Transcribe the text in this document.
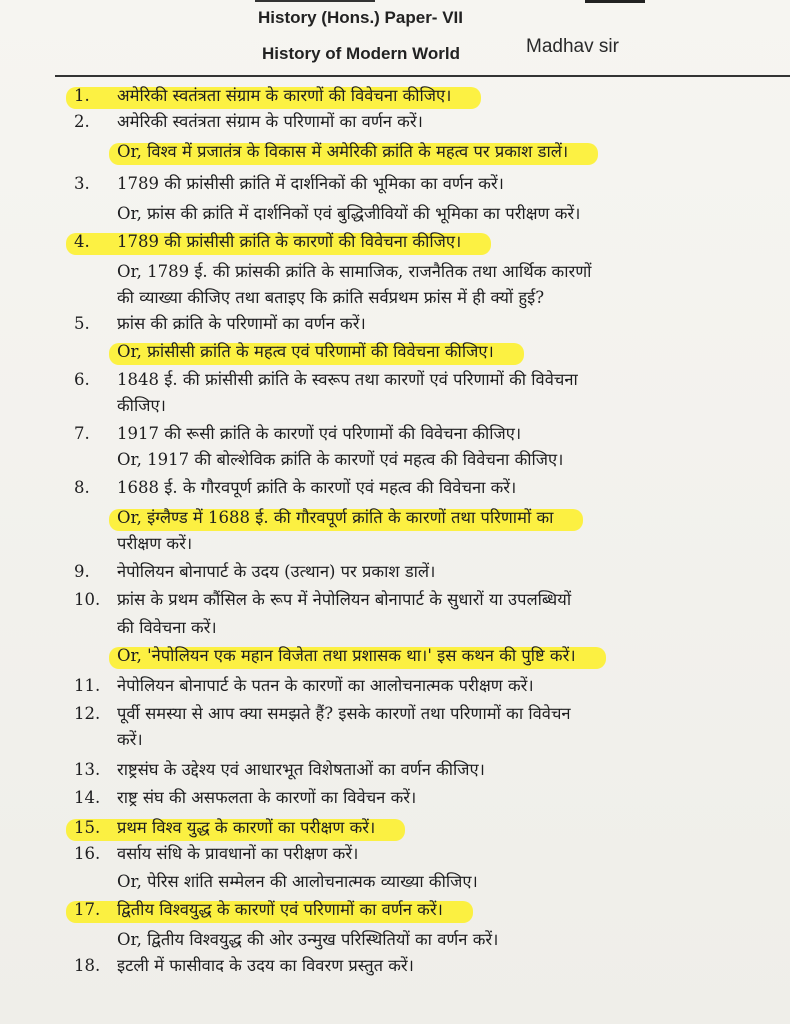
History (Hons.) Paper- VII
History of Modern World	Madhav sir
1.	अमेरिकी स्वतंत्रता संग्राम के कारणों की विवेचना कीजिए।
2.	अमेरिकी स्वतंत्रता संग्राम के परिणामों का वर्णन करें।
Or, विश्व में प्रजातंत्र के विकास में अमेरिकी क्रांति के महत्व पर प्रकाश डालें।
3.	1789 की फ्रांसीसी क्रांति में दार्शनिकों की भूमिका का वर्णन करें।
Or, फ्रांस की क्रांति में दार्शनिकों एवं बुद्धिजीवियों की भूमिका का परीक्षण करें।
4.	1789 की फ्रांसीसी क्रांति के कारणों की विवेचना कीजिए।
Or, 1789 ई. की फ्रांसकी क्रांति के सामाजिक, राजनैतिक तथा आर्थिक कारणों
की व्याख्या कीजिए तथा बताइए कि क्रांति सर्वप्रथम फ्रांस में ही क्यों हुई?
5.	फ्रांस की क्रांति के परिणामों का वर्णन करें।
Or, फ्रांसीसी क्रांति के महत्व एवं परिणामों की विवेचना कीजिए।
6.	1848 ई. की फ्रांसीसी क्रांति के स्वरूप तथा कारणों एवं परिणामों की विवेचना
कीजिए।
7.	1917 की रूसी क्रांति के कारणों एवं परिणामों की विवेचना कीजिए।
Or, 1917 की बोल्शेविक क्रांति के कारणों एवं महत्व की विवेचना कीजिए।
8.	1688 ई. के गौरवपूर्ण क्रांति के कारणों एवं महत्व की विवेचना करें।
Or, इंग्लैण्ड में 1688 ई. की गौरवपूर्ण क्रांति के कारणों तथा परिणामों का
परीक्षण करें।
9.	नेपोलियन बोनापार्ट के उदय (उत्थान) पर प्रकाश डालें।
10.	फ्रांस के प्रथम कौंसिल के रूप में नेपोलियन बोनापार्ट के सुधारों या उपलब्धियों
की विवेचना करें।
Or, 'नेपोलियन एक महान विजेता तथा प्रशासक था।' इस कथन की पुष्टि करें।
11.	नेपोलियन बोनापार्ट के पतन के कारणों का आलोचनात्मक परीक्षण करें।
12.	पूर्वी समस्या से आप क्या समझते हैं? इसके कारणों तथा परिणामों का विवेचन
करें।
13.	राष्ट्रसंघ के उद्देश्य एवं आधारभूत विशेषताओं का वर्णन कीजिए।
14.	राष्ट्र संघ की असफलता के कारणों का विवेचन करें।
15.	प्रथम विश्व युद्ध के कारणों का परीक्षण करें।
16.	वर्साय संधि के प्रावधानों का परीक्षण करें।
Or, पेरिस शांति सम्मेलन की आलोचनात्मक व्याख्या कीजिए।
17.	द्वितीय विश्वयुद्ध के कारणों एवं परिणामों का वर्णन करें।
Or, द्वितीय विश्वयुद्ध की ओर उन्मुख परिस्थितियों का वर्णन करें।
18.	इटली में फासीवाद के उदय का विवरण प्रस्तुत करें।
